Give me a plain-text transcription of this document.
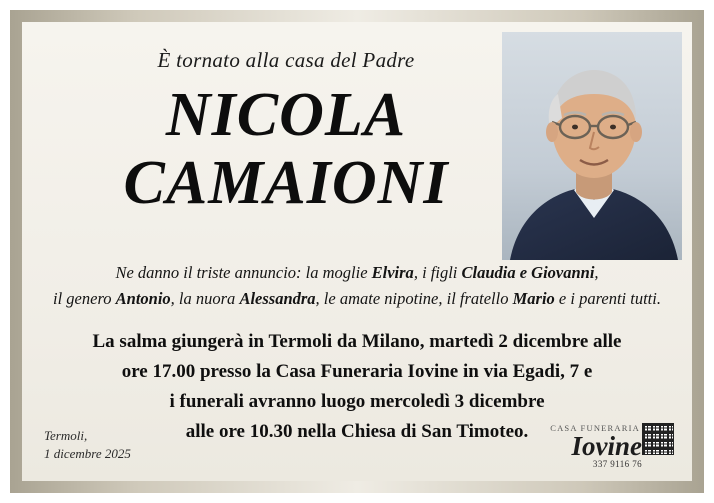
È tornato alla casa del Padre
NICOLA
CAMAIONI
Ne danno il triste annuncio: la moglie Elvira, i figli Claudia e Giovanni,
il genero Antonio, la nuora Alessandra, le amate nipotine, il fratello Mario e i parenti tutti.
La salma giungerà in Termoli da Milano, martedì 2 dicembre alle
ore 17.00 presso la Casa Funeraria Iovine in via Egadi, 7 e
i funerali avranno luogo mercoledì 3 dicembre
alle ore 10.30 nella Chiesa di San Timoteo.
Termoli,
1 dicembre 2025
CASA FUNERARIA
Iovine
337 9116 76
